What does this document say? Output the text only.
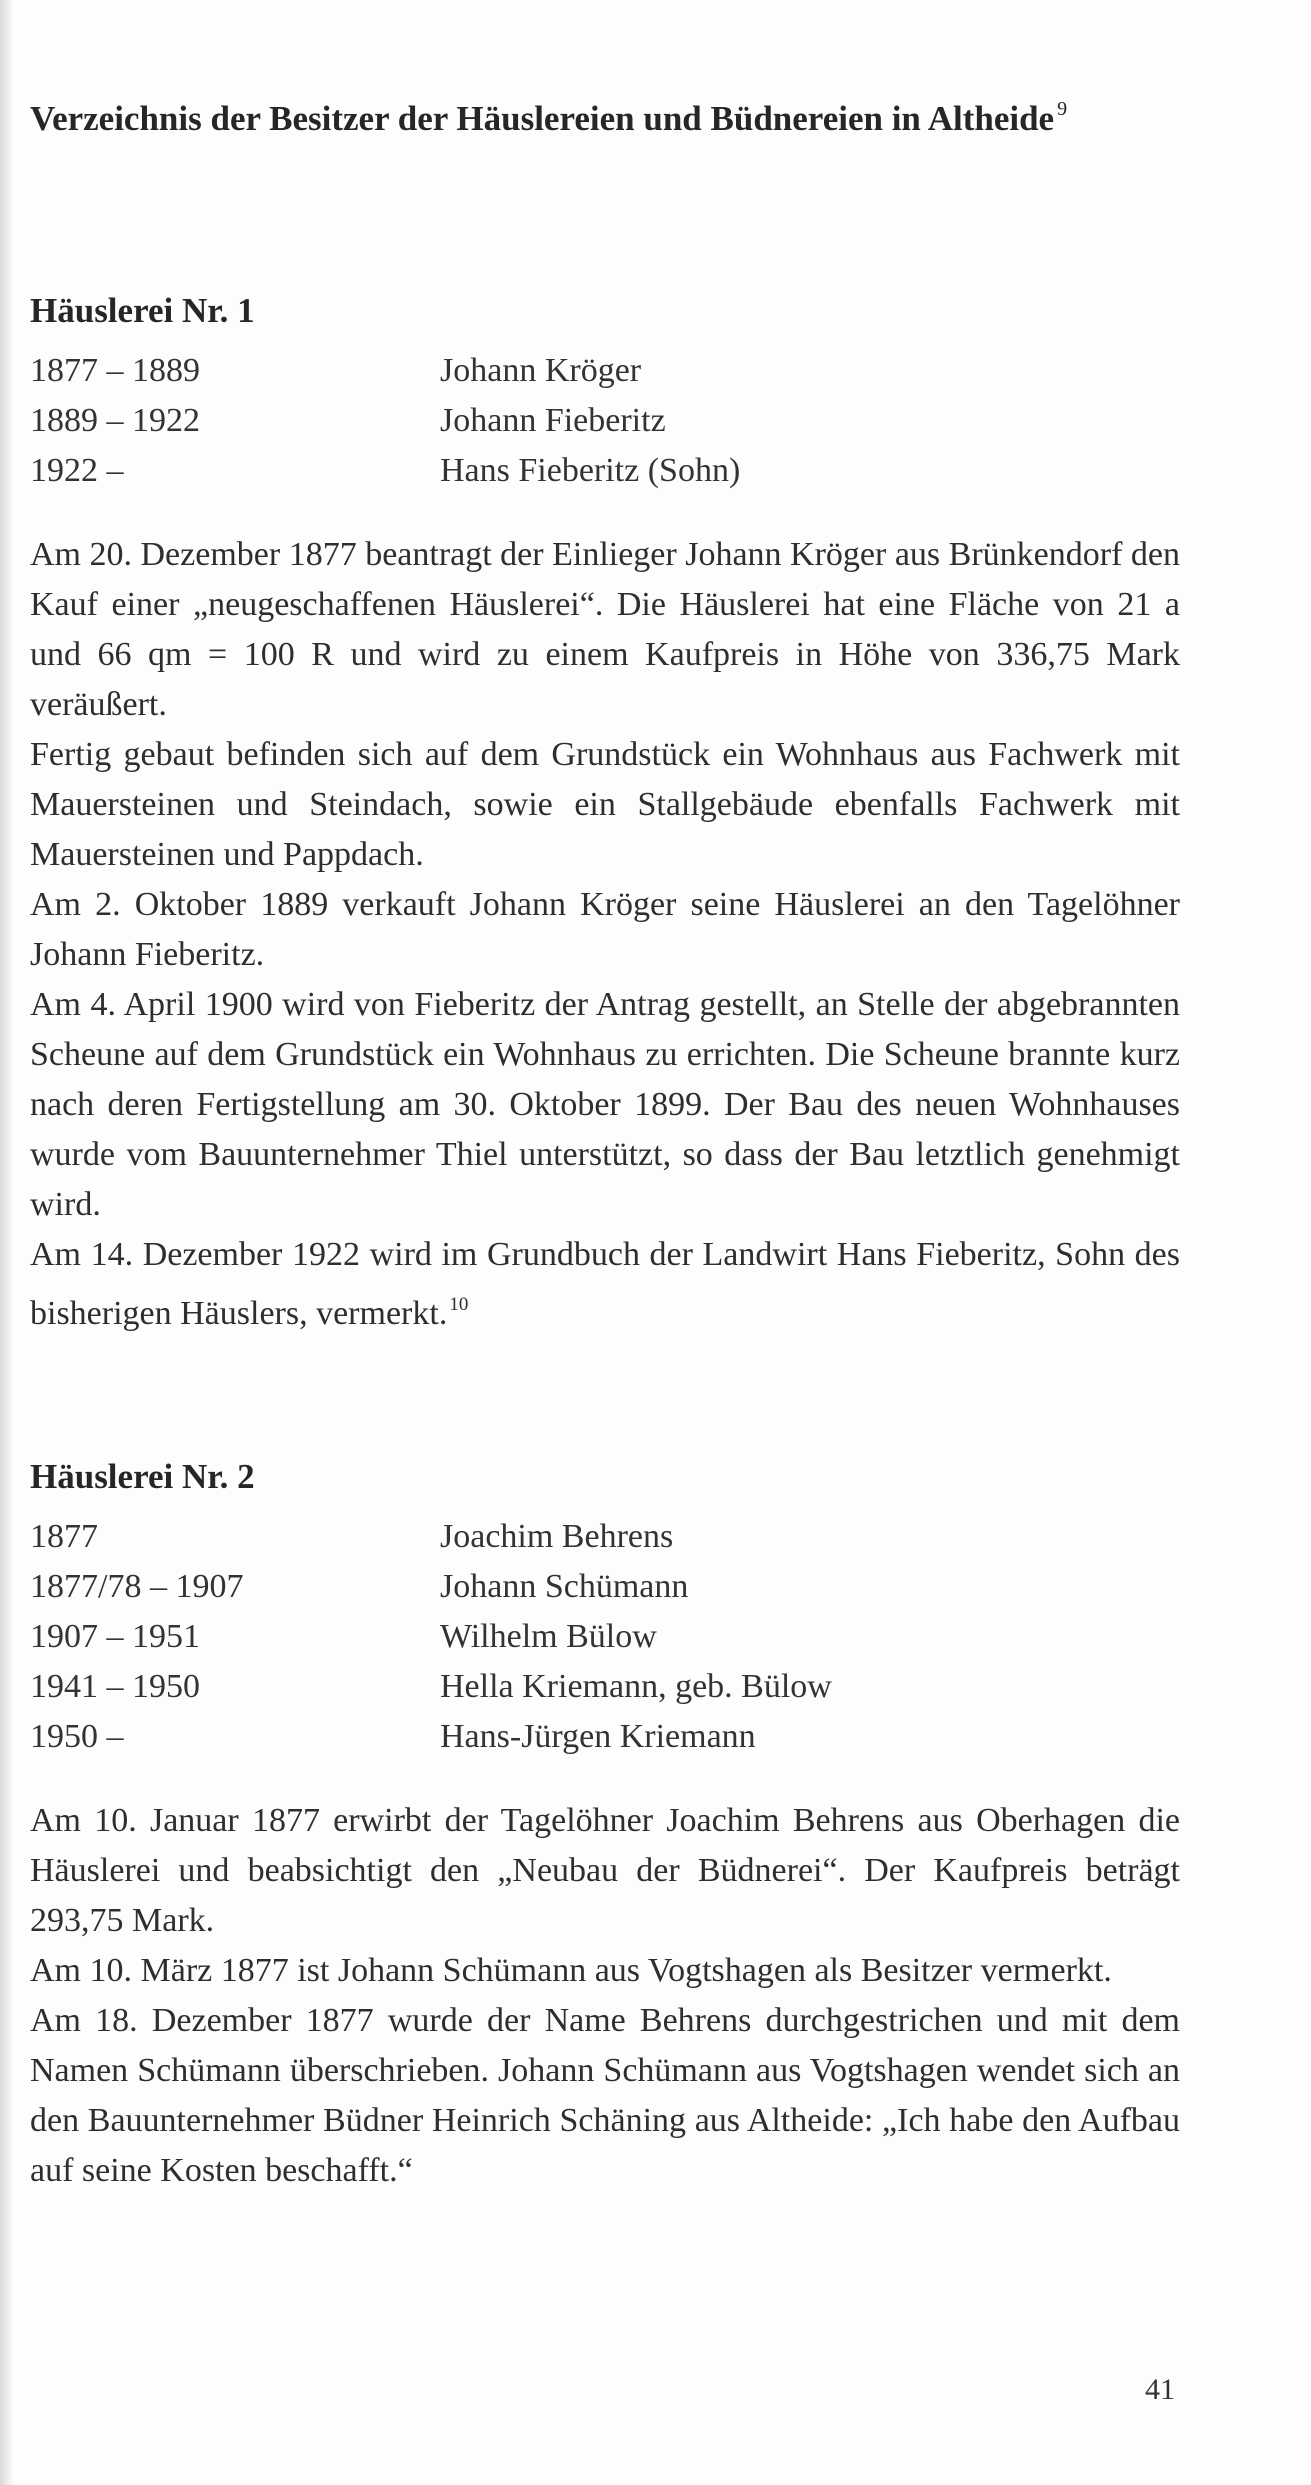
Verzeichnis der Besitzer der Häuslereien und Büdnereien in Altheide $^9$
Häuslerei Nr. 1
1877 – 1889	Johann Kröger
1889 – 1922	Johann Fieberitz
1922 –	Hans Fieberitz (Sohn)

Am 20. Dezember 1877 beantragt der Einlieger Johann Kröger aus Brünkendorf den Kauf einer „neugeschaffenen Häuslerei“. Die Häuslerei hat eine Fläche von 21 a und 66 qm = 100 R und wird zu einem Kaufpreis in Höhe von 336,75 Mark veräußert.

Fertig gebaut befinden sich auf dem Grundstück ein Wohnhaus aus Fachwerk mit Mauersteinen und Steindach, sowie ein Stallgebäude ebenfalls Fachwerk mit Mauersteinen und Pappdach.

Am 2. Oktober 1889 verkauft Johann Kröger seine Häuslerei an den Tagelöhner Johann Fieberitz.

Am 4. April 1900 wird von Fieberitz der Antrag gestellt, an Stelle der abgebrannten Scheune auf dem Grundstück ein Wohnhaus zu errichten. Die Scheune brannte kurz nach deren Fertigstellung am 30. Oktober 1899. Der Bau des neuen Wohnhauses wurde vom Bauunternehmer Thiel unterstützt, so dass der Bau letztlich genehmigt wird.

Am 14. Dezember 1922 wird im Grundbuch der Landwirt Hans Fieberitz, Sohn des bisherigen Häuslers, vermerkt. $^{10}$

Häuslerei Nr. 2
1877	Joachim Behrens
1877/78 – 1907	Johann Schümann
1907 – 1951	Wilhelm Bülow
1941 – 1950	Hella Kriemann, geb. Bülow
1950 –	Hans-Jürgen Kriemann

Am 10. Januar 1877 erwirbt der Tagelöhner Joachim Behrens aus Oberhagen die Häuslerei und beabsichtigt den „Neubau der Büdnerei“. Der Kaufpreis beträgt 293,75 Mark.

Am 10. März 1877 ist Johann Schümann aus Vogtshagen als Besitzer vermerkt.

Am 18. Dezember 1877 wurde der Name Behrens durchgestrichen und mit dem Namen Schümann überschrieben. Johann Schümann aus Vogtshagen wendet sich an den Bauunternehmer Büdner Heinrich Schäning aus Altheide: „Ich habe den Aufbau auf seine Kosten beschafft.“

41
